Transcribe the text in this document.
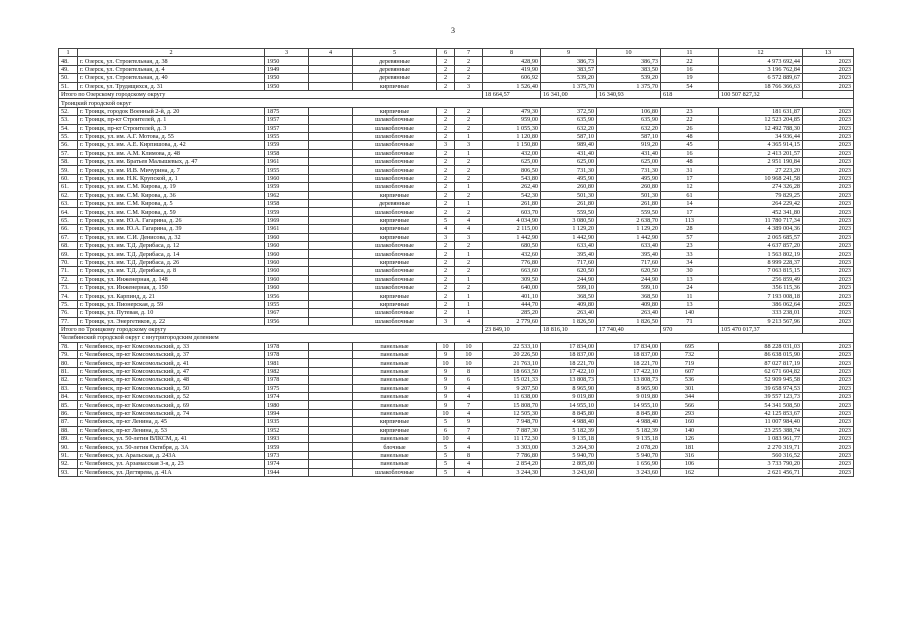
3
1	2	3	4	5	6	7	8	9	10	11	12	13
48.	г. Озерск, ул. Строительная, д. 38	1950		деревянные	2	2	428,90	386,73	386,73	22	4 973 692,44	2023
49.	г. Озерск, ул. Строительная, д. 4	1949		деревянные	2	2	419,90	383,57	383,50	16	3 196 762,84	2023
50.	г. Озерск, ул. Строительная, д. 40	1950		деревянные	2	2	606,92	539,20	539,20	19	6 572 889,67	2023
51.	г. Озерск, ул. Трудящихся, д. 31	1950		кирпичные	2	3	1 526,40	1 375,70	1 375,70	54	18 766 366,63	2023
Итого по Озерскому городскому округу							18 664,57	16 341,00	16 340,93	618	100 507 827,32	
Троицкий городской округ												
52.	г. Троицк, городок Военный 2-й, д. 20	1875		кирпичные	2	2	479,30	372,50	106,80	23	181 631,87	2023
53.	г. Троицк, пр-кт Строителей, д. 1	1957		шлакоблочные	2	2	959,00	635,90	635,90	22	12 523 204,85	2023
54.	г. Троицк, пр-кт Строителей, д. 3	1957		шлакоблочные	2	2	1 055,30	632,20	632,20	26	12 492 788,30	2023
55.	г. Троицк, ул. им. А.Г. Мотова, д. 55	1955		шлакоблочные	2	1	1 120,80	587,10	587,10	48	34 936,44	2023
56.	г. Троицк, ул. им. А.Е. Кирпишова, д. 42	1959		шлакоблочные	3	3	1 150,80	989,40	919,20	45	4 365 914,15	2023
57.	г. Троицк, ул. им. А.М. Климова, д. 48	1958		шлакоблочные	2	1	432,00	431,40	431,40	16	2 413 201,57	2023
58.	г. Троицк, ул. им. Братьев Малышевых, д. 47	1961		шлакоблочные	2	2	625,00	625,00	625,00	48	2 951 190,84	2023
59.	г. Троицк, ул. им. И.В. Мичурина, д. 7	1955		шлакоблочные	2	2	806,50	731,30	731,30	31	27 223,20	2023
60.	г. Троицк, ул. им. Н.К. Крупской, д. 1	1960		шлакоблочные	2	2	543,80	495,90	495,90	17	10 968 241,58	2023
61.	г. Троицк, ул. им. С.М. Кирова, д. 19	1959		шлакоблочные	2	1	262,40	260,80	260,80	12	274 326,28	2023
62.	г. Троицк, ул. им. С.М. Кирова, д. 36	1962		кирпичные	2	2	542,30	501,30	501,30	61	79 829,25	2023
63.	г. Троицк, ул. им. С.М. Кирова, д. 5	1958		деревянные	2	1	261,80	261,80	261,80	14	264 229,42	2023
64.	г. Троицк, ул. им. С.М. Кирова, д. 59	1959		шлакоблочные	2	2	603,70	559,50	559,50	17	452 341,80	2023
65.	г. Троицк, ул. им. Ю.А. Гагарина, д. 26	1969		кирпичные	5	4	4 034,90	3 080,50	2 638,70	113	11 780 717,34	2023
66.	г. Троицк, ул. им. Ю.А. Гагарина, д. 39	1961		кирпичные	4	4	2 115,00	1 129,20	1 129,20	28	4 389 004,36	2023
67.	г. Троицк, ул. им. С.И. Денисова, д. 32	1960		кирпичные	3	3	1 442,90	1 442,90	1 442,90	57	2 065 685,57	2023
68.	г. Троицк, ул. им. Т.Д. Дерибаса, д. 12	1960		шлакоблочные	2	2	680,50	633,40	633,40	23	4 637 857,20	2023
69.	г. Троицк, ул. им. Т.Д. Дерибаса, д. 14	1960		шлакоблочные	2	1	432,60	395,40	395,40	33	1 563 802,19	2023
70.	г. Троицк, ул. им. Т.Д. Дерибаса, д. 26	1960		кирпичные	2	2	776,80	717,60	717,60	34	8 999 228,37	2023
71.	г. Троицк, ул. им. Т.Д. Дерибаса, д. 8	1960		шлакоблочные	2	2	663,60	620,50	620,50	30	7 063 815,15	2023
72.	г. Троицк, ул. Инженерная, д. 148	1960		шлакоблочные	2	1	309,50	244,90	244,90	13	256 859,49	2023
73.	г. Троицк, ул. Инженерная, д. 150	1960		шлакоблочные	2	2	640,00	599,10	599,10	24	356 115,36	2023
74.	г. Троицк, ул. Карпинд, д. 21	1956		кирпичные	2	1	401,10	368,50	368,50	11	7 193 008,18	2023
75.	г. Троицк, ул. Пионерская, д. 59	1955		кирпичные	2	1	444,70	409,80	409,80	13	386 062,64	2023
76.	г. Троицк, ул. Путевая, д. 10	1967		шлакоблочные	2	1	285,20	263,40	263,40	140	333 238,01	2023
77.	г. Троицк, ул. Энергетиков, д. 22	1956		шлакоблочные	3	4	2 779,60	1 826,50	1 826,50	71	9 213 567,96	2023
Итого по Троицкому городскому округу							23 849,10	18 816,10	17 740,40	970	105 470 017,37	
Челябинский городской округ с внутригородским делением												
78.	г. Челябинск, пр-кт Комсомольский, д. 33	1978		панельные	10	10	22 533,10	17 834,00	17 834,00	695	88 228 031,03	2023
79.	г. Челябинск, пр-кт Комсомольский, д. 37	1978		панельные	9	10	20 226,50	18 837,00	18 837,00	732	86 638 015,90	2023
80.	г. Челябинск, пр-кт Комсомольский, д. 41	1981		панельные	10	10	21 763,10	18 221,70	18 221,70	719	87 027 817,19	2023
81.	г. Челябинск, пр-кт Комсомольский, д. 47	1982		панельные	9	8	18 663,50	17 422,10	17 422,10	607	62 671 604,82	2023
82.	г. Челябинск, пр-кт Комсомольский, д. 48	1978		панельные	9	6	15 021,33	13 808,73	13 808,73	536	52 909 945,58	2023
83.	г. Челябинск, пр-кт Комсомольский, д. 50	1975		панельные	9	4	9 207,50	8 965,90	8 965,90	301	39 658 974,53	2023
84.	г. Челябинск, пр-кт Комсомольский, д. 52	1974		панельные	9	4	11 638,00	9 019,80	9 019,80	344	39 557 123,73	2023
85.	г. Челябинск, пр-кт Комсомольский, д. 69	1980		панельные	9	7	15 808,70	14 955,10	14 955,10	566	54 341 508,50	2023
86.	г. Челябинск, пр-кт Комсомольский, д. 74	1994		панельные	10	4	12 505,30	8 845,80	8 845,80	293	42 125 853,67	2023
87.	г. Челябинск, пр-кт Ленина, д. 45	1935		кирпичные	5	9	7 948,70	4 988,40	4 988,40	160	11 007 984,40	2023
88.	г. Челябинск, пр-кт Ленина, д. 53	1952		кирпичные	6	7	7 887,30	5 182,39	5 182,39	140	23 255 388,74	2023
89.	г. Челябинск, ул. 50-летия ВЛКСМ, д. 41	1993		панельные	10	4	11 172,30	9 135,18	9 135,18	126	1 083 961,77	2023
90.	г. Челябинск, ул. 50-летия Октября, д. 3А	1959		блочные	5	4	3 303,00	3 264,30	2 078,20	181	2 270 319,71	2023
91.	г. Челябинск, ул. Аральская, д. 243А	1973		панельные	5	8	7 786,80	5 940,70	5 940,70	316	560 316,52	2023
92.	г. Челябинск, ул. Арзамасская 3-я, д. 23	1974		панельные	5	4	2 854,20	2 805,00	1 656,90	106	3 733 790,20	2023
93.	г. Челябинск, ул. Дегтярева, д. 41А	1944		шлакоблочные	5	4	3 244,30	3 243,60	3 243,60	162	2 621 456,71	2023
